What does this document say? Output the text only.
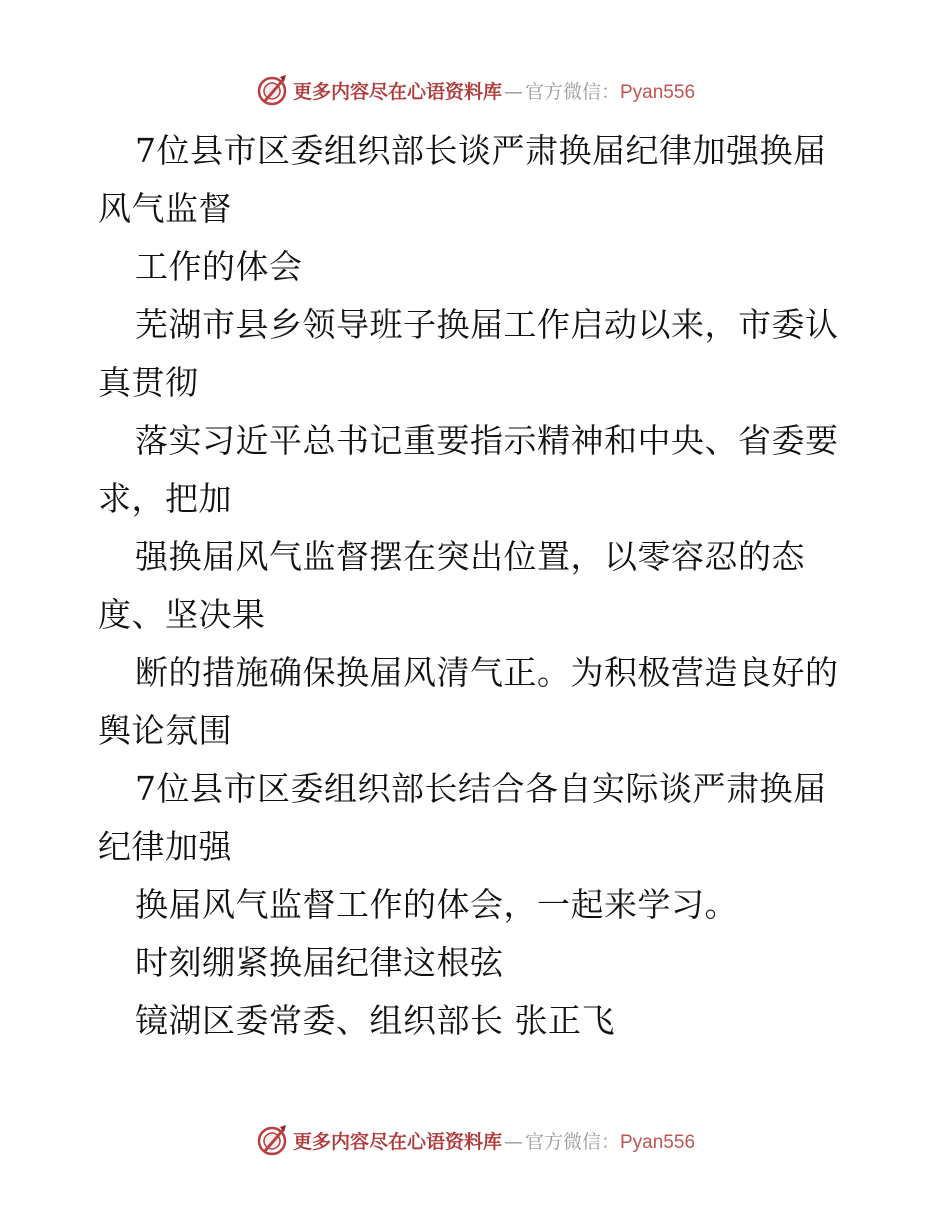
更多内容尽在心语资料库 — 官方微信：Pyan556
7位县市区委组织部长谈严肃换届纪律加强换届
风气监督
工作的体会
芜湖市县乡领导班子换届工作启动以来，市委认
真贯彻
落实习近平总书记重要指示精神和中央、省委要
求，把加
强换届风气监督摆在突出位置，以零容忍的态
度、坚决果
断的措施确保换届风清气正。为积极营造良好的
舆论氛围
7位县市区委组织部长结合各自实际谈严肃换届
纪律加强
换届风气监督工作的体会，一起来学习。
时刻绷紧换届纪律这根弦
镜湖区委常委、组织部长 张正飞
更多内容尽在心语资料库 — 官方微信：Pyan556
